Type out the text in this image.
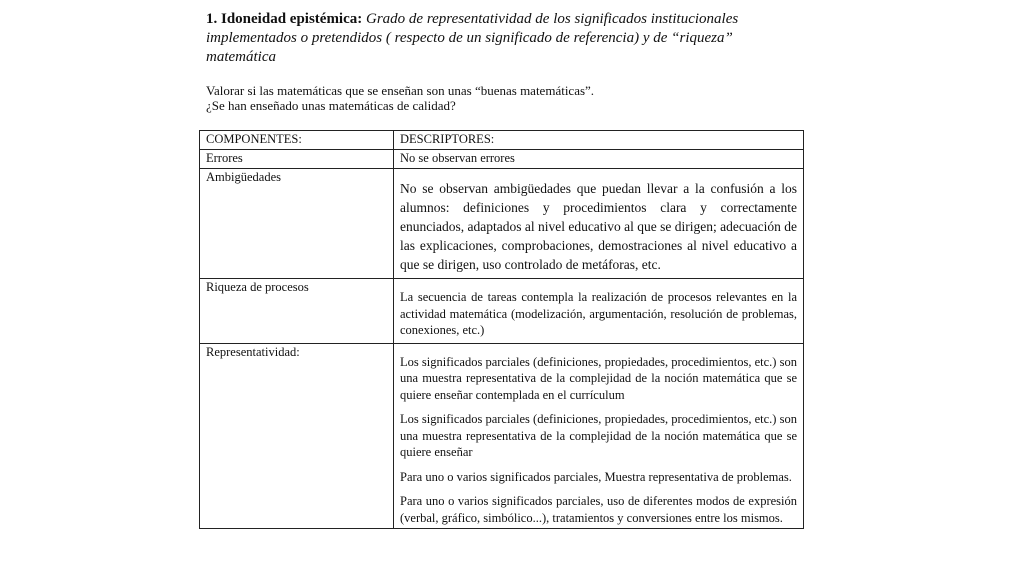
1. Idoneidad epistémica: Grado de representatividad de los significados institucionales implementados o pretendidos ( respecto de un significado de referencia) y de “riqueza” matemática

Valorar si las matemáticas que se enseñan son unas “buenas matemáticas”.

¿Se han enseñado unas matemáticas de calidad?

COMPONENTES:	DESCRIPTORES:
Errores	No se observan errores

Ambigüedades	No se observan ambigüedades que puedan llevar a la confusión a los alumnos: definiciones y procedimientos clara y correctamente enunciados, adaptados al nivel educativo al que se dirigen; adecuación de las explicaciones, comprobaciones, demostraciones al nivel educativo a que se dirigen, uso controlado de metáforas, etc.

Riqueza de procesos	La secuencia de tareas contempla la realización de procesos relevantes en la actividad matemática (modelización, argumentación, resolución de problemas, conexiones, etc.)

Representatividad:	Los significados parciales (definiciones, propiedades, procedimientos, etc.) son una muestra representativa de la complejidad de la noción matemática que se quiere enseñar contemplada en el currículum

Los significados parciales (definiciones, propiedades, procedimientos, etc.) son una muestra representativa de la complejidad de la noción matemática que se quiere enseñar

Para uno o varios significados parciales, Muestra representativa de problemas.

Para uno o varios significados parciales, uso de diferentes modos de expresión (verbal, gráfico, simbólico...), tratamientos y conversiones entre los mismos.
